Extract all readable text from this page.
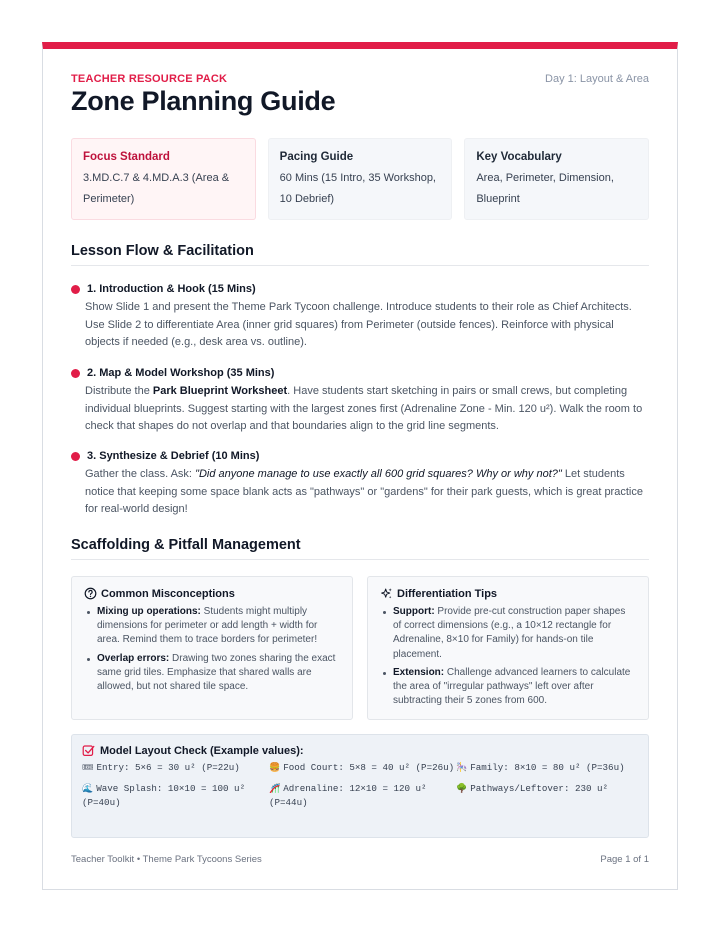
TEACHER RESOURCE PACK	Day 1: Layout & Area
Zone Planning Guide
Focus Standard
3.MD.C.7 & 4.MD.A.3 (Area & Perimeter)
Pacing Guide
60 Mins (15 Intro, 35 Workshop, 10 Debrief)
Key Vocabulary
Area, Perimeter, Dimension, Blueprint
Lesson Flow & Facilitation
1. Introduction & Hook (15 Mins)
Show Slide 1 and present the Theme Park Tycoon challenge. Introduce students to their role as Chief Architects. Use Slide 2 to differentiate Area (inner grid squares) from Perimeter (outside fences). Reinforce with physical objects if needed (e.g., desk area vs. outline).
2. Map & Model Workshop (35 Mins)
Distribute the Park Blueprint Worksheet. Have students start sketching in pairs or small crews, but completing individual blueprints. Suggest starting with the largest zones first (Adrenaline Zone - Min. 120 u²). Walk the room to check that shapes do not overlap and that boundaries align to the grid line segments.
3. Synthesize & Debrief (10 Mins)
Gather the class. Ask: "Did anyone manage to use exactly all 600 grid squares? Why or why not?" Let students notice that keeping some space blank acts as "pathways" or "gardens" for their park guests, which is great practice for real-world design!
Scaffolding & Pitfall Management
Common Misconceptions
Mixing up operations: Students might multiply dimensions for perimeter or add length + width for area. Remind them to trace borders for perimeter!
Overlap errors: Drawing two zones sharing the exact same grid tiles. Emphasize that shared walls are allowed, but not shared tile space.
Differentiation Tips
Support: Provide pre-cut construction paper shapes of correct dimensions (e.g., a 10×12 rectangle for Adrenaline, 8×10 for Family) for hands-on tile placement.
Extension: Challenge advanced learners to calculate the area of "irregular pathways" left over after subtracting their 5 zones from 600.
Model Layout Check (Example values):
🎟 Entry: 5×6 = 30 u² (P=22u)	🍔 Food Court: 5×8 = 40 u² (P=26u) 🎠 Family: 8×10 = 80 u² (P=36u)
🌊 Wave Splash: 10×10 = 100 u² (P=40u)
🎢 Adrenaline: 12×10 = 120 u² (P=44u)
🌳 Pathways/Leftover: 230 u²
Teacher Toolkit • Theme Park Tycoons Series	Page 1 of 1
